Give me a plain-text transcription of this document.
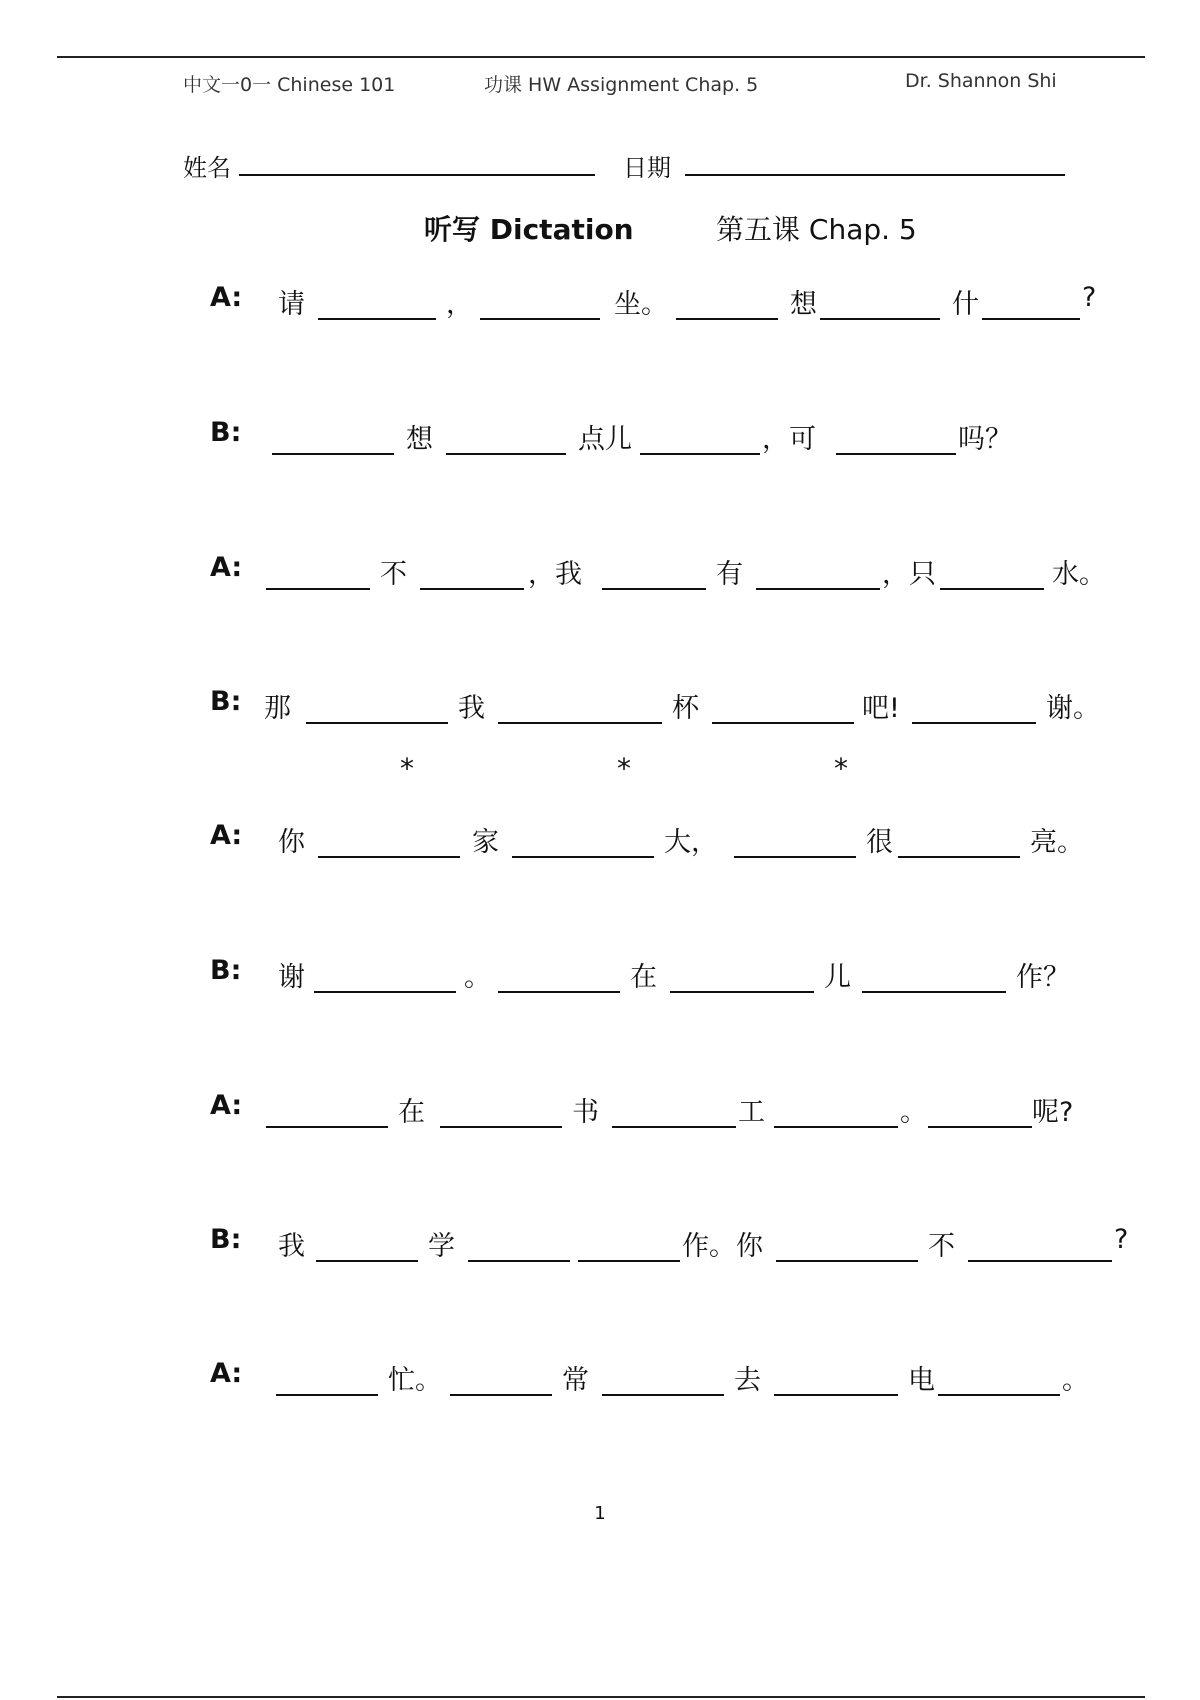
中文一0一 Chinese 101	功课 HW Assignment Chap. 5	Dr. Shannon Shi
姓名	日期
听写 Dictation	第五课 Chap. 5
A: 请	，	坐。	想	什	?
B:	想	点儿	，可	吗？
A:	不	，我	有	，只	水。
B: 那	我	杯	吧!	谢。
*	*	*
A: 你	家	大，	很	亮。
B: 谢	。	在	儿	作？
A:	在	书	工	。	呢?
B: 我	学	作。你	不	?
A:	忙。	常	去	电	。
1
